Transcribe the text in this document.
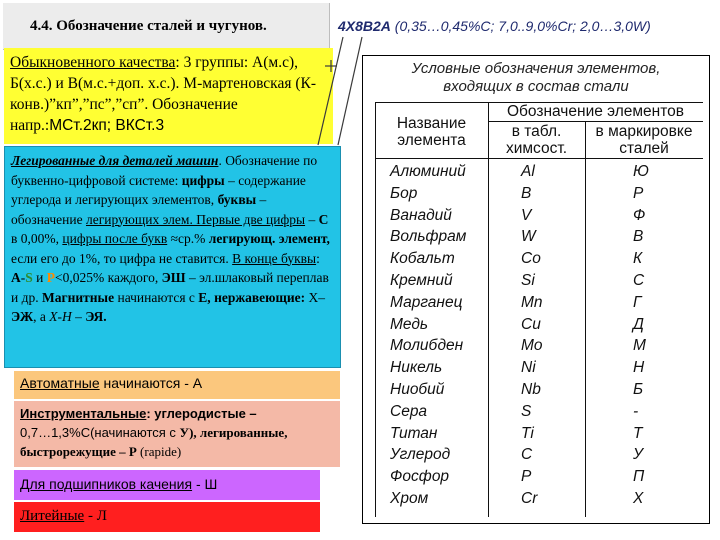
4.4. Обозначение сталей и чугунов.	4Х8В2А (0,35…0,45%С; 7,0..9,0%Cr; 2,0…3,0W)
Обыкновенного качества: 3 группы: А(м.с), Б(х.с.) и В(м.с.+доп. х.с.). М-мартеновская (К-конв.)”кп”,”пс”,”сп”. Обозначение напр.:МСт.2кп; ВКСт.3
Легированные для деталей машин. Обозначение по буквенно-цифровой системе: цифры – содержание углерода и легирующих элементов, буквы –обозначение легирующих элем. Первые две цифры – С в 0,00%, цифры после букв ≈ср.% легирующ. элемент, если его до 1%, то цифра не ставится. В конце буквы: А-S и Р<0,025% каждого, ЭШ – эл.шлаковый переплав и др. Магнитные начинаются с Е, нержавеющие: Х– ЭЖ, а Х-Н – ЭЯ.
Автоматные начинаются - А
Инструментальные: углеродистые –
0,7…1,3%С(начинаются с У), легированные, быстрорежущие – Р (rapide)
Для подшипников качения - Ш
Литейные - Л
Условные обозначения элементов,
входящих в состав стали
Название
элемента
Обозначение элементов
в табл.
химсост.
в маркировке
сталей
Алюминий	Al	Ю
Бор	B	Р
Ванадий	V	Ф
Вольфрам	W	В
Кобальт	Co	К
Кремний	Si	С
Марганец	Mn	Г
Медь	Cu	Д
Молибден	Mo	М
Никель	Ni	Н
Ниобий	Nb	Б
Сера	S	-
Титан	Ti	Т
Углерод	C	У
Фосфор	P	П
Хром	Cr	Х
